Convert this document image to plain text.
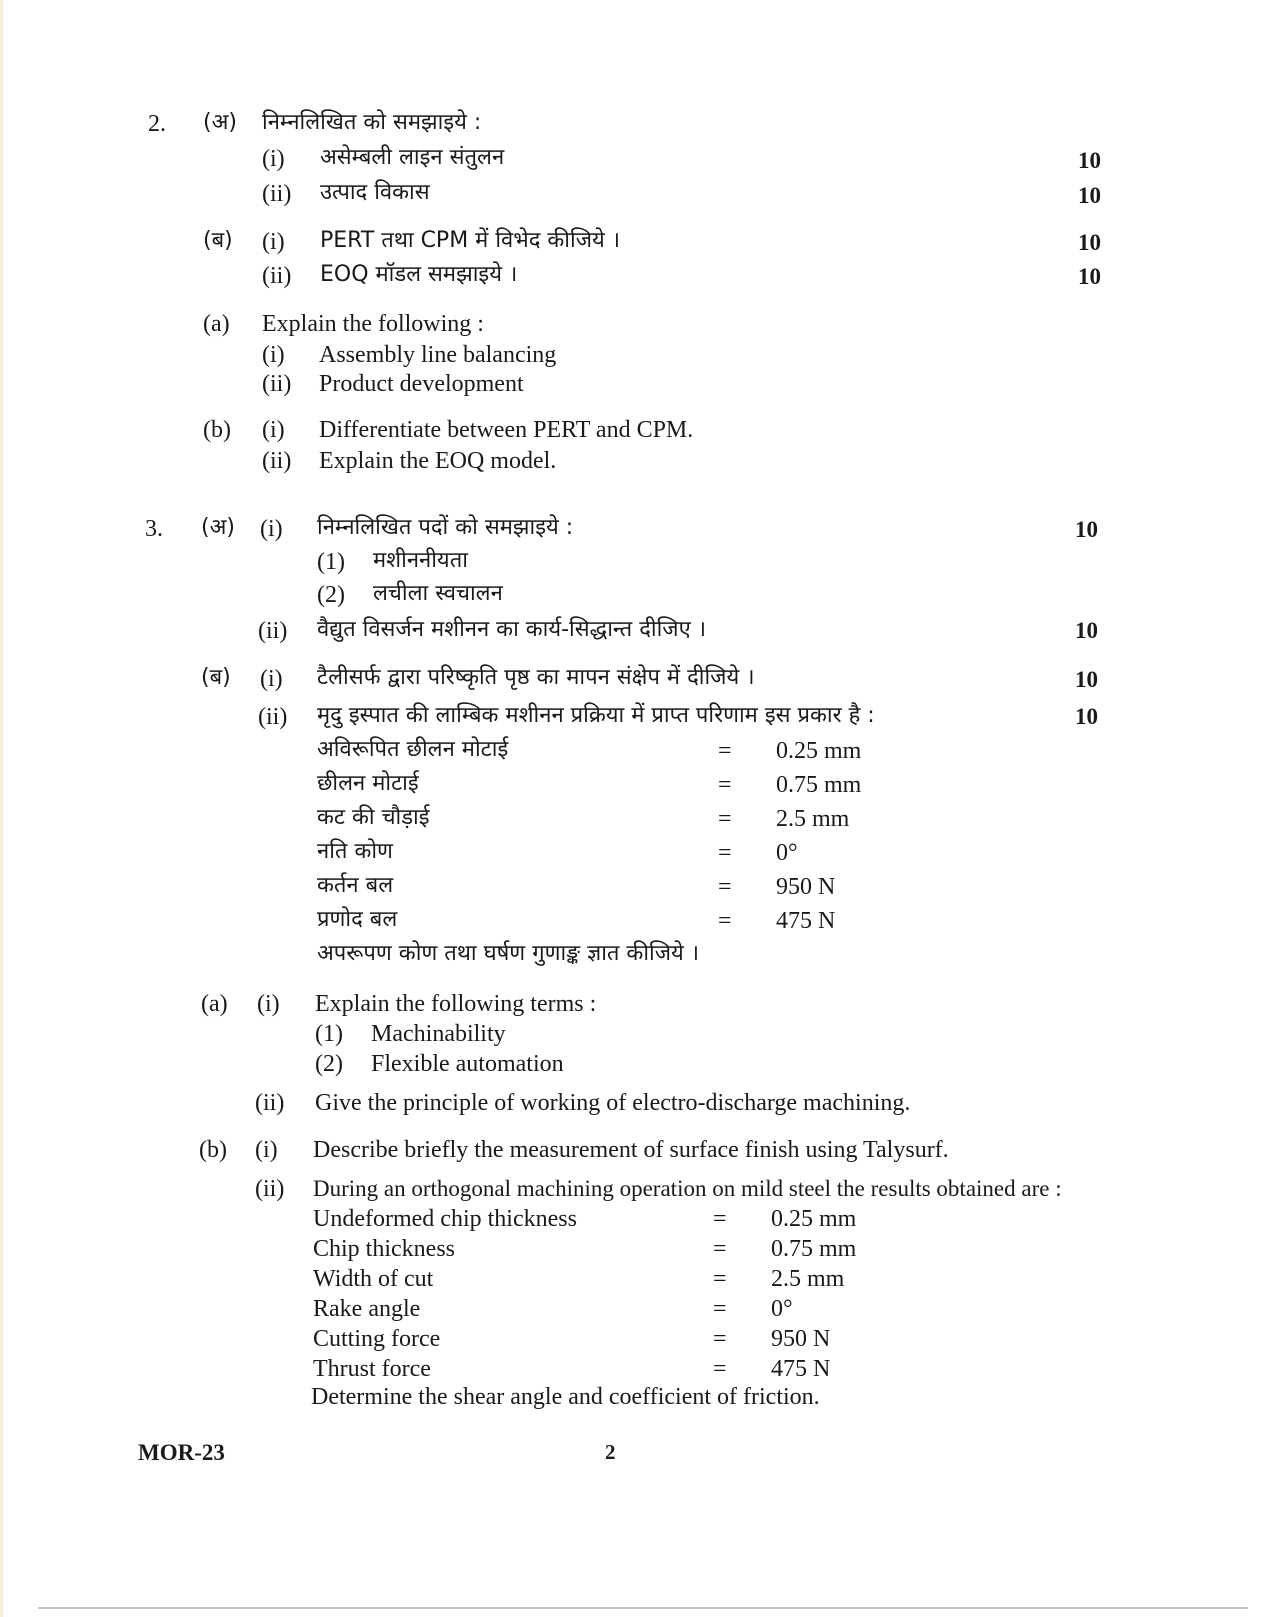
2. (अ) निम्नलिखित को समझाइये :
(i) असेम्बली लाइन संतुलन	10
(ii) उत्पाद विकास	10
(ब) (i) PERT तथा CPM में विभेद कीजिये ।	10
(ii) EOQ मॉडल समझाइये ।	10
(a) Explain the following :
(i) Assembly line balancing
(ii) Product development
(b) (i) Differentiate between PERT and CPM.
(ii) Explain the EOQ model.
3. (अ) (i) निम्नलिखित पदों को समझाइये :	10
(1) मशीननीयता
(2) लचीला स्वचालन
(ii) वैद्युत विसर्जन मशीनन का कार्य-सिद्धान्त दीजिए ।	10
(ब) (i) टैलीसर्फ द्वारा परिष्कृति पृष्ठ का मापन संक्षेप में दीजिये ।	10
(ii) मृदु इस्पात की लाम्बिक मशीनन प्रक्रिया में प्राप्त परिणाम इस प्रकार है :	10
अविरूपित छीलन मोटाई	= 0.25 mm
छीलन मोटाई	= 0.75 mm
कट की चौड़ाई	= 2.5 mm
नति कोण	= 0°
कर्तन बल	= 950 N
प्रणोद बल	= 475 N
अपरूपण कोण तथा घर्षण गुणाङ्क ज्ञात कीजिये ।
(a) (i) Explain the following terms :
(1) Machinability
(2) Flexible automation
(ii) Give the principle of working of electro-discharge machining.
(b) (i) Describe briefly the measurement of surface finish using Talysurf.
(ii) During an orthogonal machining operation on mild steel the results obtained are :
Undeformed chip thickness	= 0.25 mm
Chip thickness	= 0.75 mm
Width of cut	= 2.5 mm
Rake angle	= 0°
Cutting force	= 950 N
Thrust force	= 475 N
Determine the shear angle and coefficient of friction.
MOR-23	2
